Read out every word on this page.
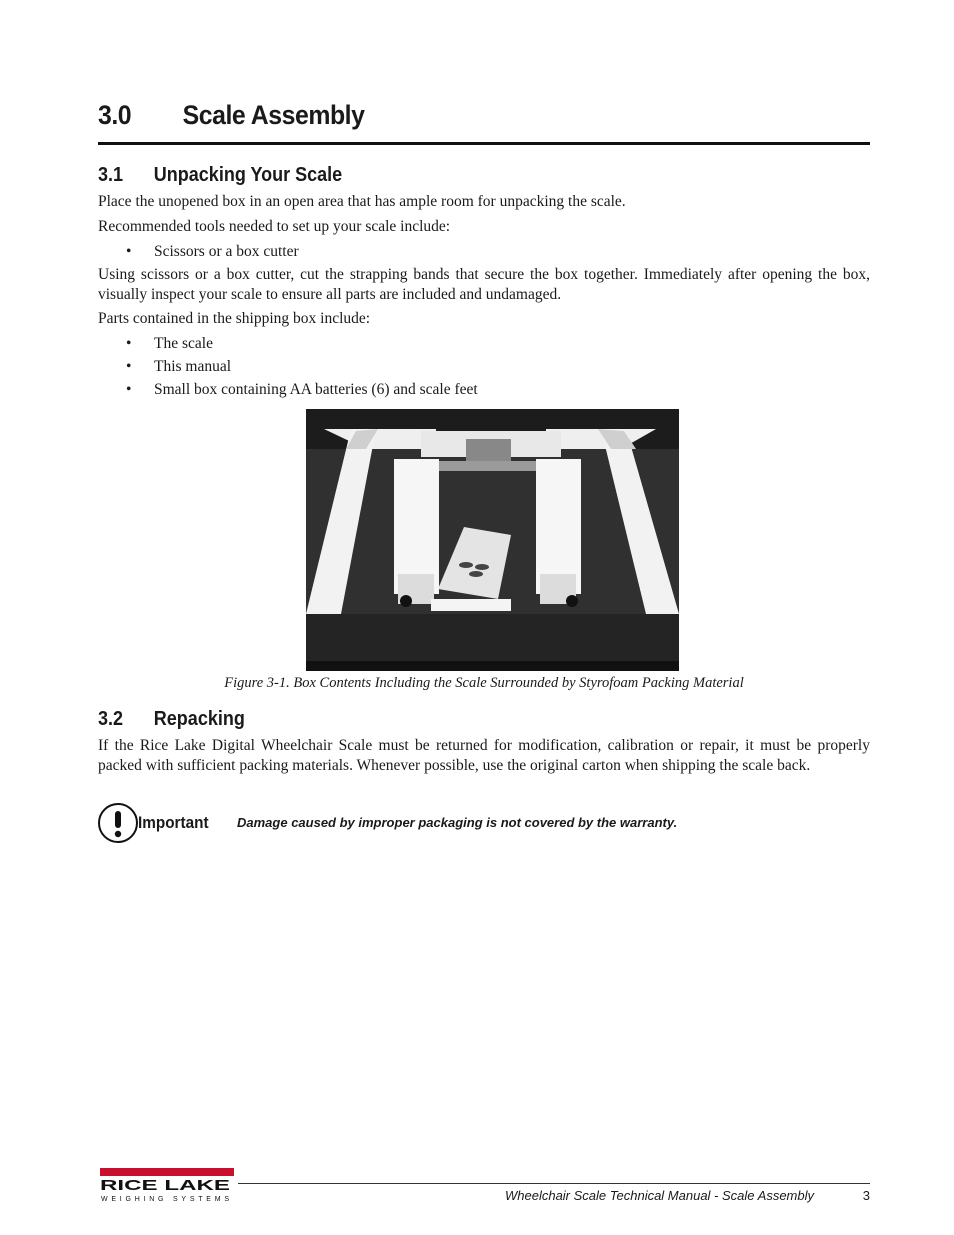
3.0 Scale Assembly
3.1 Unpacking Your Scale
Place the unopened box in an open area that has ample room for unpacking the scale.
Recommended tools needed to set up your scale include:
• Scissors or a box cutter
Using scissors or a box cutter, cut the strapping bands that secure the box together. Immediately after opening the box, visually inspect your scale to ensure all parts are included and undamaged.
Parts contained in the shipping box include:
• The scale
• This manual
• Small box containing AA batteries (6) and scale feet
Figure 3-1. Box Contents Including the Scale Surrounded by Styrofoam Packing Material
3.2 Repacking
If the Rice Lake Digital Wheelchair Scale must be returned for modification, calibration or repair, it must be properly packed with sufficient packing materials. Whenever possible, use the original carton when shipping the scale back.
Important Damage caused by improper packaging is not covered by the warranty.
RICE LAKE
WEIGHING SYSTEMS	Wheelchair Scale Technical Manual - Scale Assembly	3
